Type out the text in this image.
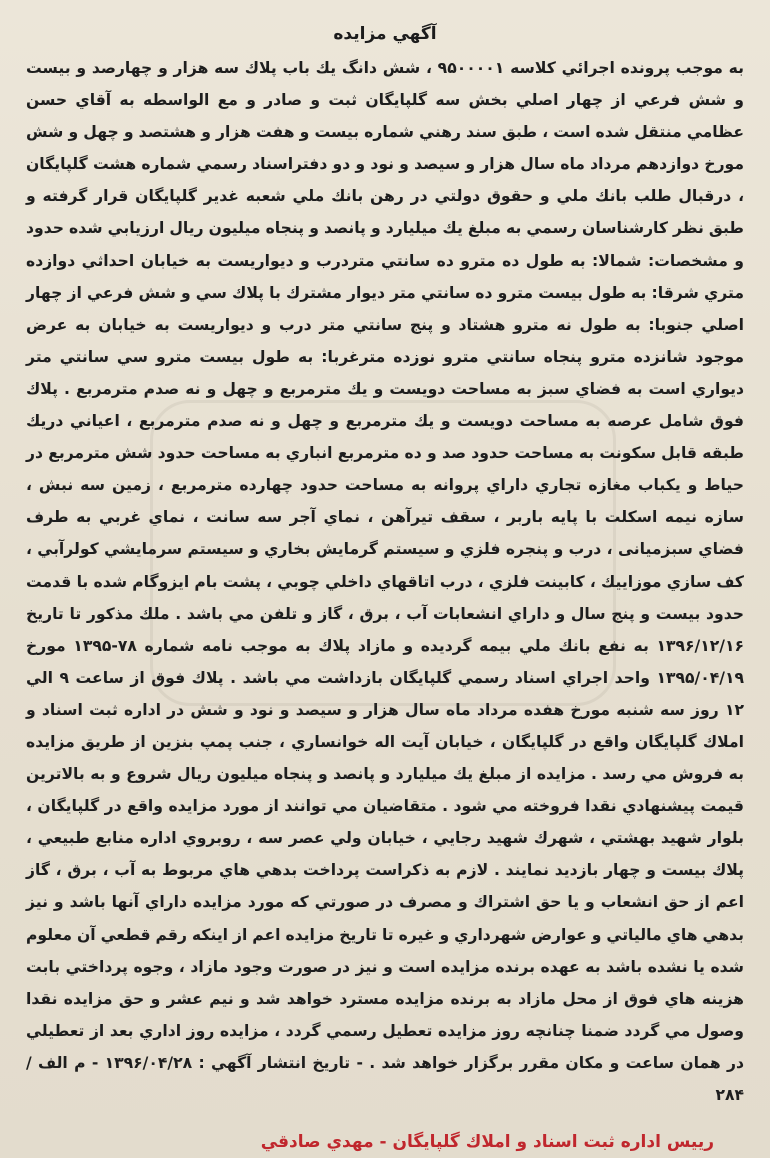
آگهي مزايده

به موجب پرونده اجرائي كلاسه ۹۵۰۰۰۰۱ ، شش دانگ يك باب پلاك سه هزار و چهارصد و بيست و شش فرعي از چهار اصلي بخش سه گلپايگان ثبت و صادر و مع الواسطه به آقاي حسن عظامي منتقل شده است ، طبق سند رهني شماره بيست و هفت هزار و هشتصد و چهل و شش مورخ دوازدهم مرداد ماه سال هزار و سيصد و نود و دو دفتراسناد رسمي شماره هشت گلپايگان ، درقبال طلب بانك ملي و حقوق دولتي در رهن بانك ملي شعبه غدير گلپايگان قرار گرفته و طبق نظر كارشناسان رسمي به مبلغ يك ميليارد و پانصد و پنجاه ميليون ريال ارزيابي شده حدود و مشخصات: شمالا: به طول ده مترو ده سانتي متردرب و ديواريست به خيابان احداثي دوازده متري شرقا: به طول بيست مترو ده سانتي متر ديوار مشترك با پلاك سي و شش فرعي از چهار اصلي جنوبا: به طول نه مترو هشتاد و پنج سانتي متر درب و ديواريست به خيابان به عرض موجود شانزده مترو پنجاه سانتي مترو نوزده مترغربا: به طول بيست مترو سي سانتي متر ديواري است به فضاي سبز به مساحت دويست و يك مترمربع و چهل و نه صدم مترمربع . پلاك فوق شامل عرصه به مساحت دويست و يك مترمربع و چهل و نه صدم مترمربع ، اعياني دريك طبقه قابل سكونت به مساحت حدود صد و ده مترمربع انباري به مساحت حدود شش مترمربع در حياط و يكباب مغازه تجاري داراي پروانه به مساحت حدود چهارده مترمربع ، زمين سه نبش ، سازه نيمه اسكلت با پايه باربر ، سقف تيرآهن ، نماي آجر سه سانت ، نماي غربي به طرف فضاي سبزميانی ، درب و پنجره فلزي و سيستم گرمايش بخاري و سيستم سرمايشي كولرآبي ، كف سازي موزاييك ، كابينت فلزي ، درب اتاقهاي داخلي چوبي ، پشت بام ايزوگام شده با قدمت حدود بيست و پنج سال و داراي انشعابات آب ، برق ، گاز و تلفن مي باشد . ملك مذكور تا تاريخ ۱۳۹۶/۱۲/۱۶ به نفع بانك ملي بيمه گرديده و مازاد پلاك به موجب نامه شماره ۷۸-۱۳۹۵ مورخ ۱۳۹۵/۰۴/۱۹ واحد اجراي اسناد رسمي گلپايگان بازداشت مي باشد . پلاك فوق از ساعت ۹ الي ۱۲ روز سه شنبه مورخ هفده مرداد ماه سال هزار و سيصد و نود و شش در اداره ثبت اسناد و املاك گلپايگان واقع در گلپايگان ، خيابان آيت اله خوانساري ، جنب پمپ بنزين از طريق مزايده به فروش مي رسد . مزايده از مبلغ يك ميليارد و پانصد و پنجاه ميليون ريال شروع و به بالاترين قيمت پيشنهادي نقدا فروخته مي شود . متقاضيان مي توانند از مورد مزايده واقع در گلپايگان ، بلوار شهيد بهشتي ، شهرك شهيد رجايي ، خيابان ولي عصر سه ، روبروي اداره منابع طبيعي ، پلاك بيست و چهار بازديد نمايند . لازم به ذكراست پرداخت بدهي هاي مربوط به آب ، برق ، گاز اعم از حق انشعاب و يا حق اشتراك و مصرف در صورتي كه مورد مزايده داراي آنها باشد و نيز بدهي هاي مالياتي و عوارض شهرداري و غيره تا تاريخ مزايده اعم از اينكه رقم قطعي آن معلوم شده يا نشده باشد به عهده برنده مزايده است و نيز در صورت وجود مازاد ، وجوه پرداختي بابت هزينه هاي فوق از محل مازاد به برنده مزايده مسترد خواهد شد و نيم عشر و حق مزايده نقدا وصول مي گردد ضمنا چنانچه روز مزايده تعطيل رسمي گردد ، مزايده روز اداري بعد از تعطيلي در همان ساعت و مكان مقرر برگزار خواهد شد . - تاريخ انتشار آگهي : ۱۳۹۶/۰۴/۲۸ - م الف / ۲۸۴

رييس اداره ثبت اسناد و املاك گلپايگان - مهدي صادقي
